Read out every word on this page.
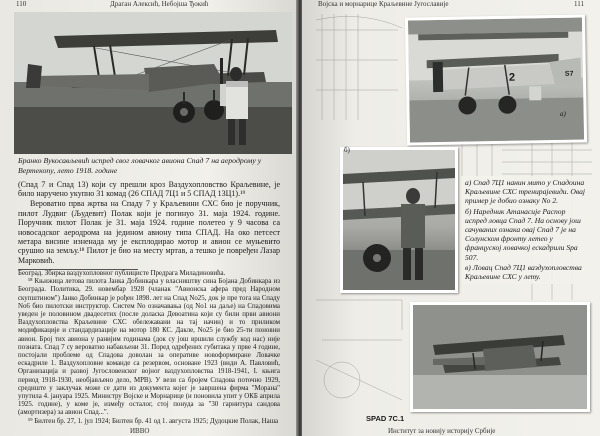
110	Драган Алексић, Небојша Ђокић
Бранко Вукосављевић испред свог ловачког авиона Спад 7 на аеродрому у Вертекопу, лето 1918. године

(Спад 7 и Спад 13) који су прешли кроз Ваздухопловство Краљевине, је било наручено укупно 31 комад (26 СПАД 7Ц1 и 5 СПАД 13Ц1).¹⁹

Вероватно прва жртва на Спаду 7 у Краљевини СХС био је поручник, пилот Лудвиг (Људевит) Полак који је погинуо 31. маја 1924. године. Поручник пилот Полак је 31. маја 1924. године полетео у 9 часова са новосадског аеродрома на једином авиону типа СПАД. На око петсест метара висине изненада му је експлодирао мотор и авион се муњевито срушио на земљу.¹⁸ Пилот је био на месту мртав, а тешко је повређен Лазар Марковић.

Београд. Збирка ваздухопловног публицисте Предрага Миладиновића.

¹⁸ Књижица летова пилота Јанка Добинкара у власништву сина Бојана Добинкара из Београда. Политика, 29. новембар 1928 (чланак "Авионска афера пред Народном скупштином") Јанко Добинкар је рођен 1898. лет на Спад No25, док је пре тога на Спаду No6 био пилотски инструктор. Систем No означавања (од No1 на даље) на Спадовима уведен је половином двадесетих (после доласка Девоатина који су били први авиони Ваздухопловства Краљевине СХС обележавани на тај начин) и то приликом модификације и стандардизације на мотор 180 КС. Дакле, No25 је био 25-ти поновни авион. Број тих авиона у ранијим годинама (док су још вршили службу код нас) није позната. Спад 7 су вероватно набављени 31. Поред одређених губитака у прве 4 године, постојали проблеме од Спадова доволан за оперативе новоформиране Ловачке ескадриле 1. Ваздухопловне команде са резервом, основане 1923 (види А. Павловић, Организација и развој Југословенског војног ваздухопловства 1918-1941, І. књига период 1918-1930, необјављено дело, МРВ). У вези са бројем Спадова поточно 1929, средиште у заклучак може се дати из документа којег је завршена фирма "Морана" упутила 4. јануара 1925. Министру Војске и Морнарице (и поновила упит у ОКБ априла 1925. године), у коме је, између осталог, стој понуда за "30 гарнитура сандова (амортизера) за авион Спад...".

¹⁹ Билтен бр. 27, 1. јул 1924; Билтен бр. 41 од 1. августа 1925; Дудоцкие Полак, Наша

ИВВО
Војска и морнарице Краљевине Југославије	111
2	S7
а)
б)

а) Спад 7Ц1 нанин мито у Спадоина Краљевине СХС тренирајевиди. Овај пример је добио ознаку No 2.

б) Наредник Атанасије Распор испред ловца Спад 7. На основу још сачуваних ознака овај Спад 7 је на Солунском фронту летео у француској ловачкој ескадрили Spa 507.

в) Ловац Спад 7Ц1 ваздухопловства Краљевине СХС у лету.

SPAD 7C.1
Институт за новију историју Србије
